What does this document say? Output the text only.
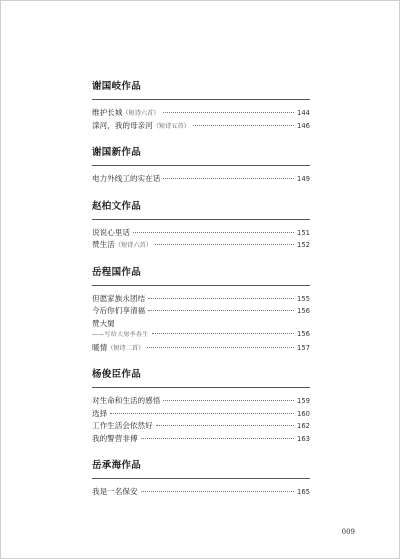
谢国岐作品
维护长城 （短诗六首）	144
滦河，我的母亲河 （短诗五首）	146
谢国新作品
电力外线工的实在话	149
赵柏文作品
说说心里话	151
赞生活 （短诗六首）	152
岳程国作品
但愿家族永团结	155
今后你们享清福	156
赞大舅
——写给大舅李春生	156
暖情 （短诗二首）	157
杨俊臣作品
对生命和生活的感悟	159
选择	160
工作生活会依然好	162
我的警营非傅	163
岳承海作品
我是一名保安	165
009
